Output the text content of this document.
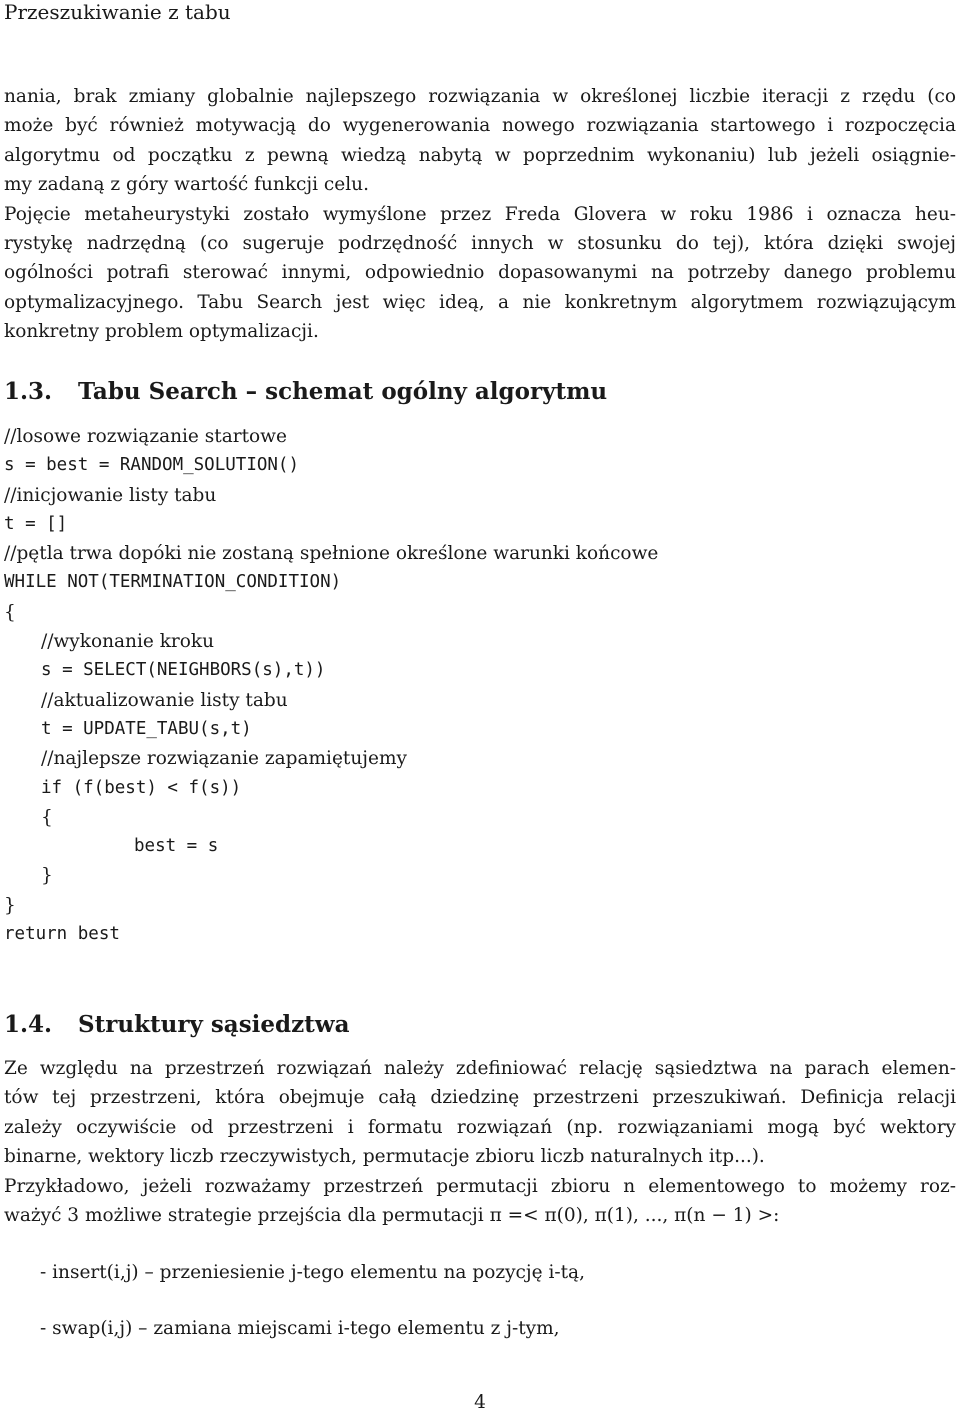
Przeszukiwanie z tabu
nania, brak zmiany globalnie najlepszego rozwiązania w określonej liczbie iteracji z rzędu (co
może być również motywacją do wygenerowania nowego rozwiązania startowego i rozpoczęcia
algorytmu od początku z pewną wiedzą nabytą w poprzednim wykonaniu) lub jeżeli osiągnie-
my zadaną z góry wartość funkcji celu.
Pojęcie metaheurystyki zostało wymyślone przez Freda Glovera w roku 1986 i oznacza heu-
rystykę nadrzędną (co sugeruje podrzędność innych w stosunku do tej), która dzięki swojej
ogólności potrafi sterować innymi, odpowiednio dopasowanymi na potrzeby danego problemu
optymalizacyjnego. Tabu Search jest więc ideą, a nie konkretnym algorytmem rozwiązującym
konkretny problem optymalizacji.
1.3. Tabu Search – schemat ogólny algorytmu
//losowe rozwiązanie startowe
s = best = RANDOM_SOLUTION()
//inicjowanie listy tabu
t = []
//pętla trwa dopóki nie zostaną spełnione określone warunki końcowe
WHILE NOT(TERMINATION_CONDITION)
{
//wykonanie kroku
s = SELECT(NEIGHBORS(s),t))
//aktualizowanie listy tabu
t = UPDATE_TABU(s,t)
//najlepsze rozwiązanie zapamiętujemy
if (f(best) < f(s))
{
best = s
}
}
return best
1.4. Struktury sąsiedztwa
Ze względu na przestrzeń rozwiązań należy zdefiniować relację sąsiedztwa na parach elemen-
tów tej przestrzeni, która obejmuje całą dziedzinę przestrzeni przeszukiwań. Definicja relacji
zależy oczywiście od przestrzeni i formatu rozwiązań (np. rozwiązaniami mogą być wektory
binarne, wektory liczb rzeczywistych, permutacje zbioru liczb naturalnych itp...).
Przykładowo, jeżeli rozważamy przestrzeń permutacji zbioru n elementowego to możemy roz-
ważyć 3 możliwe strategie przejścia dla permutacji π =< π(0), π(1), ..., π(n − 1) >:
- insert(i,j) – przeniesienie j-tego elementu na pozycję i-tą,
- swap(i,j) – zamiana miejscami i-tego elementu z j-tym,
4
